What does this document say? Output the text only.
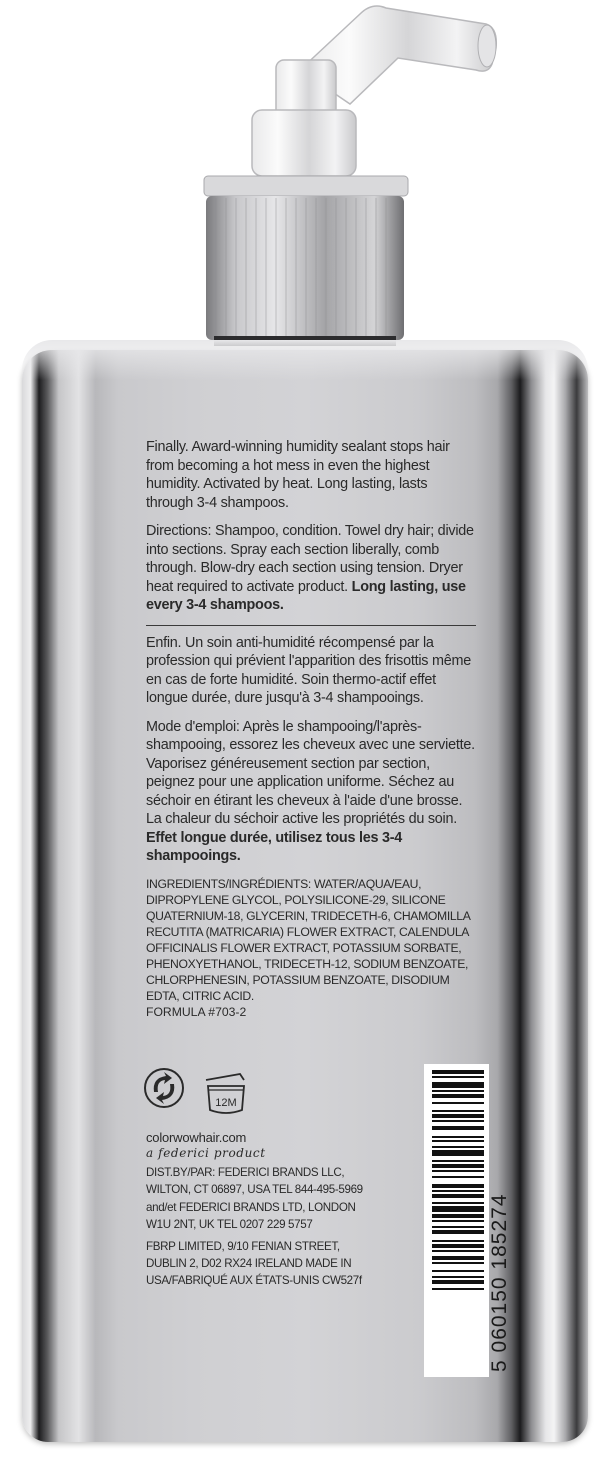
Finally. Award-winning humidity sealant stops hair from becoming a hot mess in even the highest humidity. Activated by heat. Long lasting, lasts through 3-4 shampoos.

Directions: Shampoo, condition. Towel dry hair; divide into sections. Spray each section liberally, comb through. Blow-dry each section using tension. Dryer heat required to activate product. Long lasting, use every 3-4 shampoos.

Enfin. Un soin anti-humidité récompensé par la profession qui prévient l'apparition des frisottis même en cas de forte humidité. Soin thermo-actif effet longue durée, dure jusqu'à 3-4 shampooings.

Mode d'emploi: Après le shampooing/l'après-shampooing, essorez les cheveux avec une serviette. Vaporisez généreusement section par section, peignez pour une application uniforme. Séchez au séchoir en étirant les cheveux à l'aide d'une brosse. La chaleur du séchoir active les propriétés du soin. Effet longue durée, utilisez tous les 3-4 shampooings.

INGREDIENTS/INGRÉDIENTS: WATER/AQUA/EAU, DIPROPYLENE GLYCOL, POLYSILICONE-29, SILICONE QUATERNIUM-18, GLYCERIN, TRIDECETH-6, CHAMOMILLA RECUTITA (MATRICARIA) FLOWER EXTRACT, CALENDULA OFFICINALIS FLOWER EXTRACT, POTASSIUM SORBATE, PHENOXYETHANOL, TRIDECETH-12, SODIUM BENZOATE, CHLORPHENESIN, POTASSIUM BENZOATE, DISODIUM EDTA, CITRIC ACID.

FORMULA #703-2

12M
colorwowhair.com
a federici product

DIST.BY/PAR: FEDERICI BRANDS LLC, WILTON, CT 06897, USA TEL 844-495-5969 and/et FEDERICI BRANDS LTD, LONDON W1U 2NT, UK TEL 0207 229 5757

FBRP LIMITED, 9/10 FENIAN STREET, DUBLIN 2, D02 RX24 IRELAND MADE IN USA/FABRIQUÉ AUX ÉTATS-UNIS CW527f	5 060150 185274
